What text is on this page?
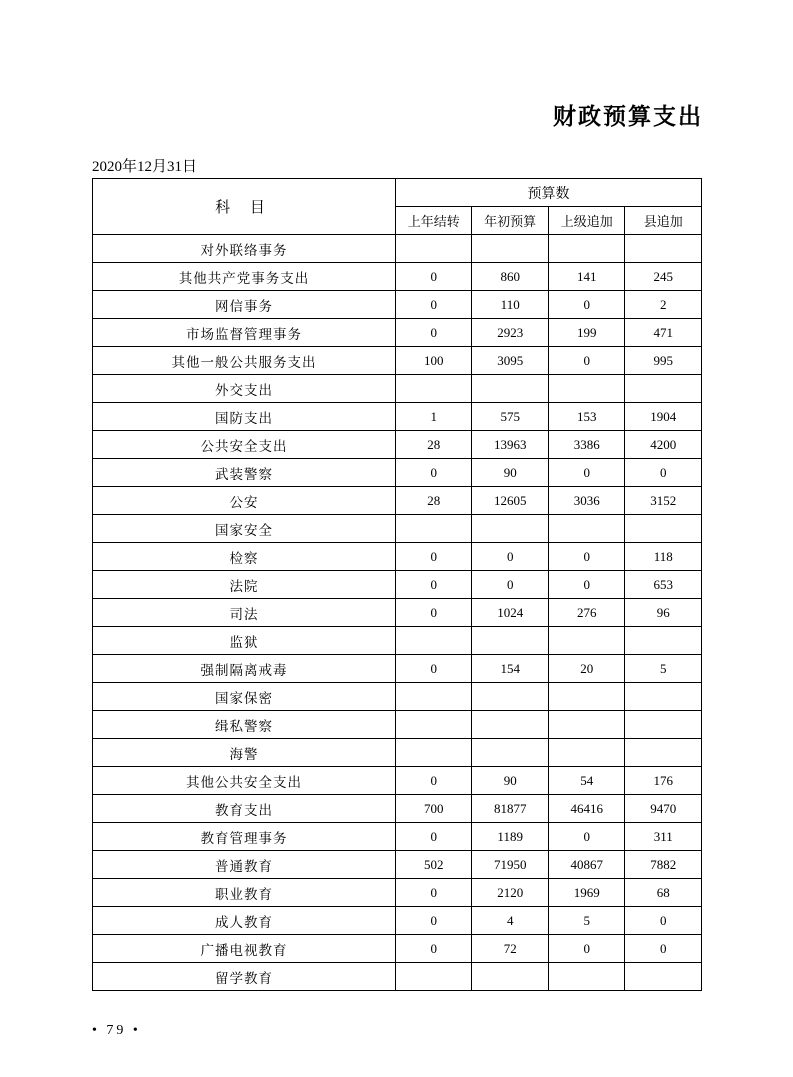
财政预算支出
2020年12月31日
科 目	预算数			
	上年结转	年初预算	上级追加	县追加
对外联络事务				
其他共产党事务支出	0	860	141	245
网信事务	0	110	0	2
市场监督管理事务	0	2923	199	471
其他一般公共服务支出	100	3095	0	995
外交支出				
国防支出	1	575	153	1904
公共安全支出	28	13963	3386	4200
武装警察	0	90	0	0
公安	28	12605	3036	3152
国家安全				
检察	0	0	0	118
法院	0	0	0	653
司法	0	1024	276	96
监狱				
强制隔离戒毒	0	154	20	5
国家保密				
缉私警察				
海警				
其他公共安全支出	0	90	54	176
教育支出	700	81877	46416	9470
教育管理事务	0	1189	0	311
普通教育	502	71950	40867	7882
职业教育	0	2120	1969	68
成人教育	0	4	5	0
广播电视教育	0	72	0	0
留学教育				
• 79 •
